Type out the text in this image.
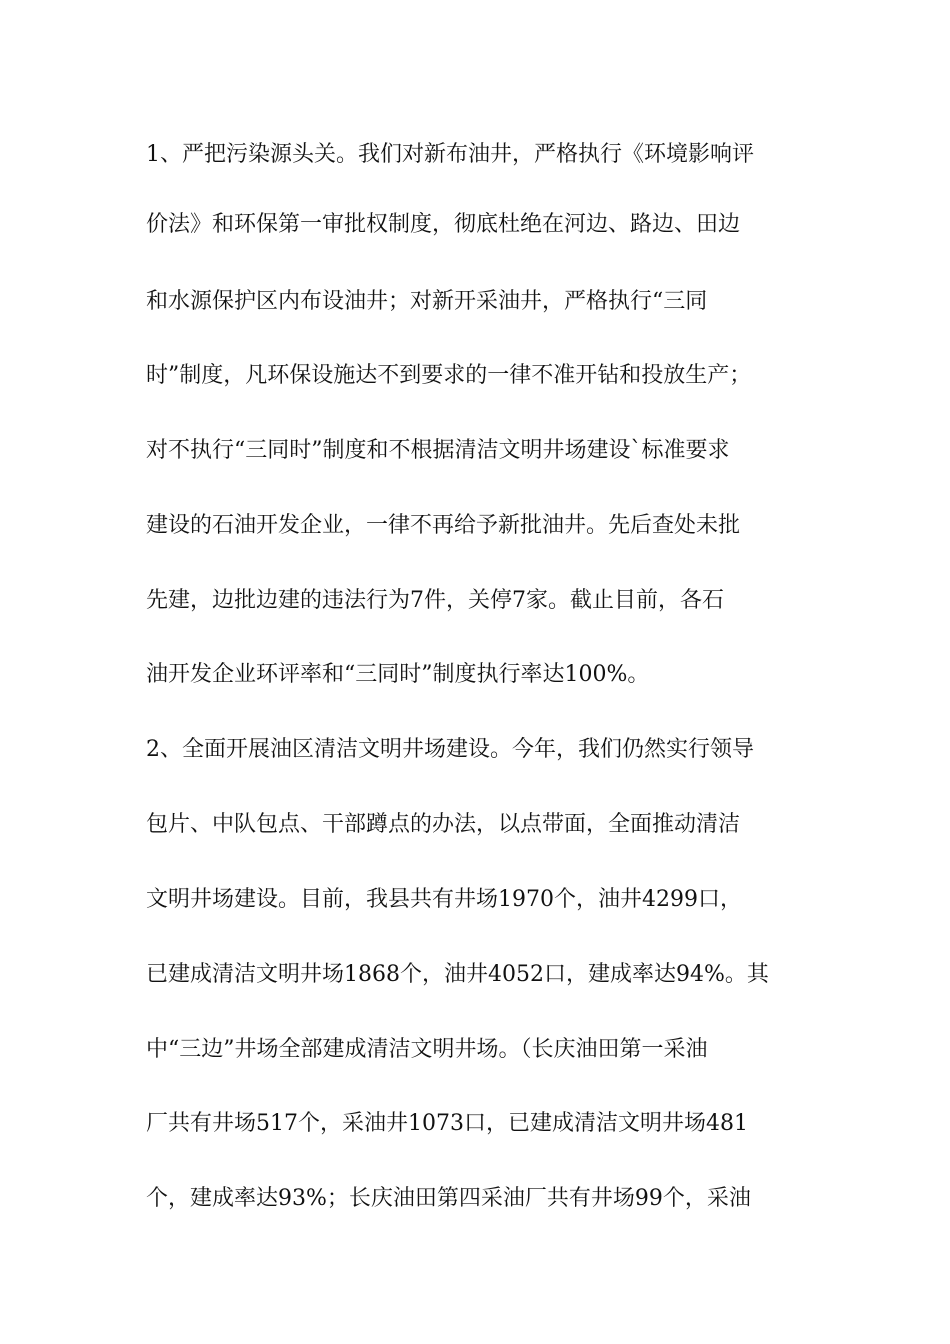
1、严把污染源头关。我们对新布油井，严格执行《环境影响评
价法》和环保第一审批权制度，彻底杜绝在河边、路边、田边
和水源保护区内布设油井；对新开采油井，严格执行“三同
时”制度，凡环保设施达不到要求的一律不准开钻和投放生产；
对不执行“三同时”制度和不根据清洁文明井场建设`标准要求
建设的石油开发企业，一律不再给予新批油井。先后查处未批
先建，边批边建的违法行为7件，关停7家。截止目前，各石
油开发企业环评率和“三同时”制度执行率达100%。
2、全面开展油区清洁文明井场建设。今年，我们仍然实行领导
包片、中队包点、干部蹲点的办法，以点带面，全面推动清洁
文明井场建设。目前，我县共有井场1970个，油井4299口，
已建成清洁文明井场1868个，油井4052口，建成率达94%。其
中“三边”井场全部建成清洁文明井场。（长庆油田第一采油
厂共有井场517个，采油井1073口，已建成清洁文明井场481
个，建成率达93%；长庆油田第四采油厂共有井场99个，采油
